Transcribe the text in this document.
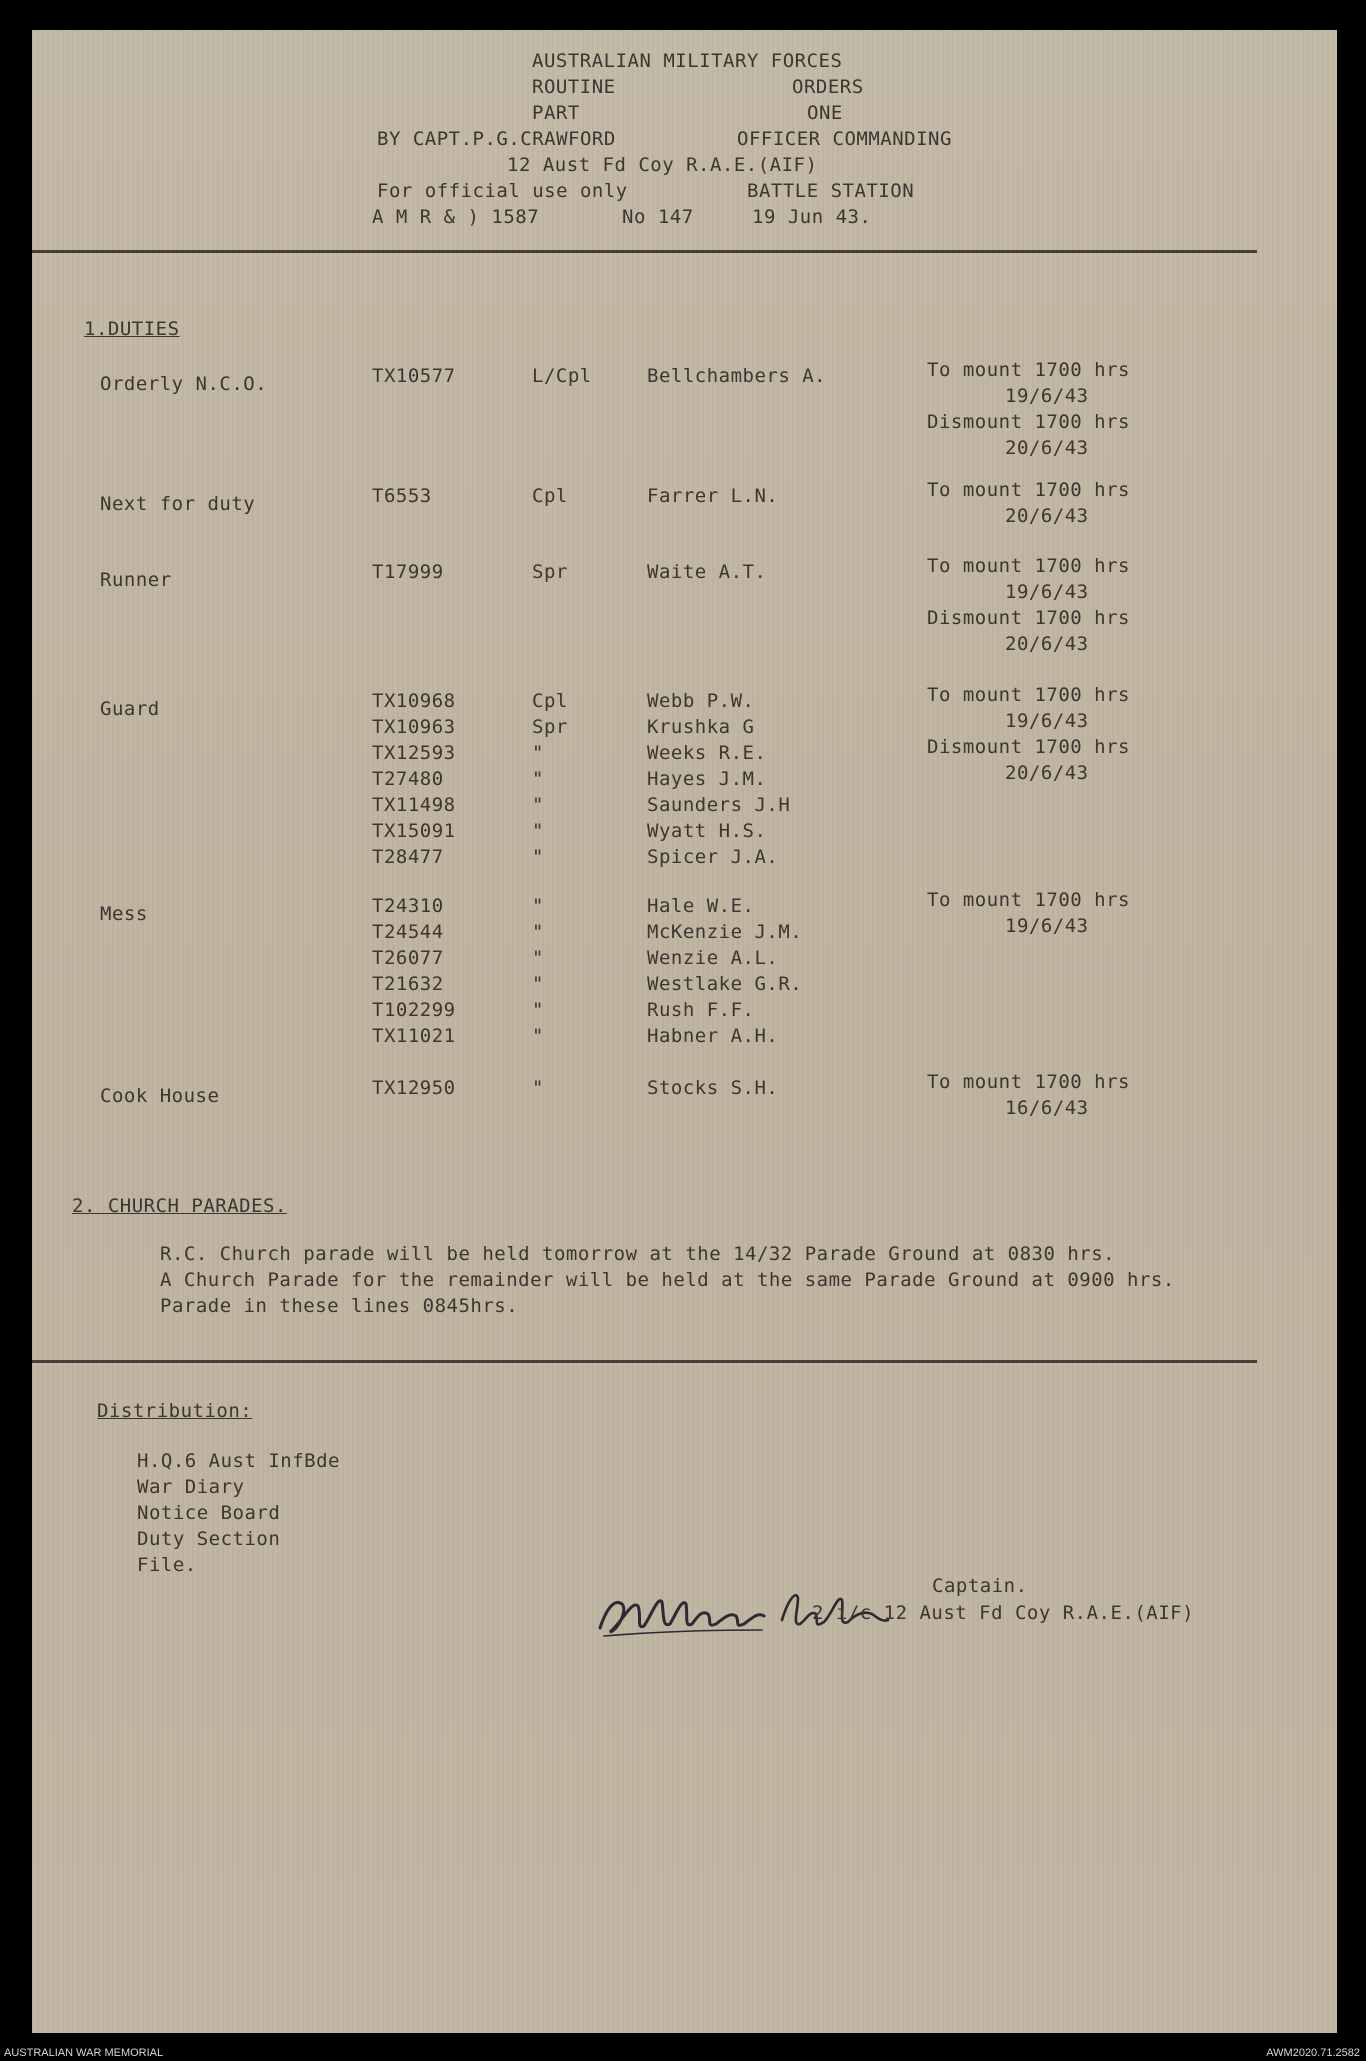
AUSTRALIAN MILITARY FORCES
ROUTINE	ORDERS
PART	ONE
BY CAPT.P.G.CRAWFORD	OFFICER COMMANDING
12 Aust Fd Coy R.A.E.(AIF)
For official use only	BATTLE STATION
A M R & ) 1587	No 147	19 Jun 43.
1.DUTIES
2. CHURCH PARADES.
R.C. Church parade will be held tomorrow at the 14/32 Parade Ground at 0830 hrs.
A Church Parade for the remainder will be held at the same Parade Ground at 0900 hrs.
Parade in these lines 0845hrs.
Distribution:
H.Q.6 Aust InfBde
War Diary
Notice Board
Duty Section
File.
Captain.
2 i/c 12 Aust Fd Coy R.A.E.(AIF)
Orderly N.C.O.	TX10577	L/Cpl	Bellchambers A.	To mount 1700 hrs
19/6/43
Dismount 1700 hrs
20/6/43
Next for duty	T6553	Cpl	Farrer L.N.	To mount 1700 hrs
20/6/43
Runner	T17999	Spr	Waite A.T.	To mount 1700 hrs
19/6/43
Dismount 1700 hrs
20/6/43
Guard	TX10968	Cpl	Webb P.W.
TX10963	Spr	Krushka G
TX12593	"	Weeks R.E.
T27480	"	Hayes J.M.
TX11498	"	Saunders J.H
TX15091	"	Wyatt H.S.
T28477	"	Spicer J.A.
To mount 1700 hrs
19/6/43
Dismount 1700 hrs
20/6/43
Mess	T24310	"	Hale W.E.
T24544	"	McKenzie J.M.
T26077	"	Wenzie A.L.
T21632	"	Westlake G.R.
T102299	"	Rush F.F.
TX11021	"	Habner A.H.
To mount 1700 hrs
19/6/43
Cook House	TX12950	"	Stocks S.H.	To mount 1700 hrs
16/6/43
AUSTRALIAN WAR MEMORIAL	AWM2020.71.2582
